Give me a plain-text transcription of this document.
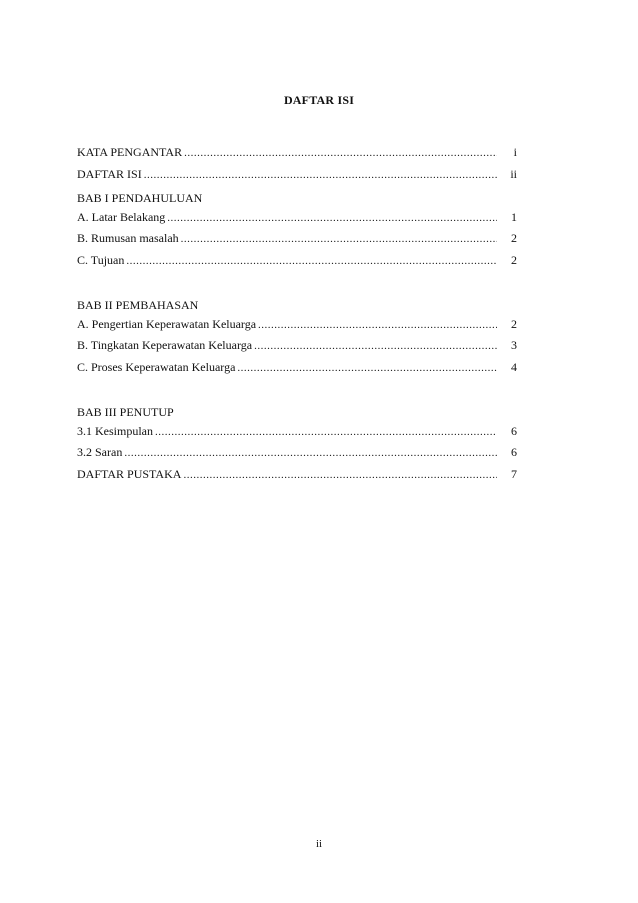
DAFTAR ISI
KATA PENGANTAR .....	i
DAFTAR ISI .....	ii
BAB I PENDAHULUAN
A. Latar Belakang .....	1
B. Rumusan masalah .....	2
C. Tujuan .....	2
BAB II PEMBAHASAN
A. Pengertian Keperawatan Keluarga .....	2
B. Tingkatan Keperawatan Keluarga .....	3
C. Proses Keperawatan Keluarga .....	4
BAB III PENUTUP
3.1 Kesimpulan .....	6
3.2 Saran .....	6
DAFTAR PUSTAKA .....	7
ii
